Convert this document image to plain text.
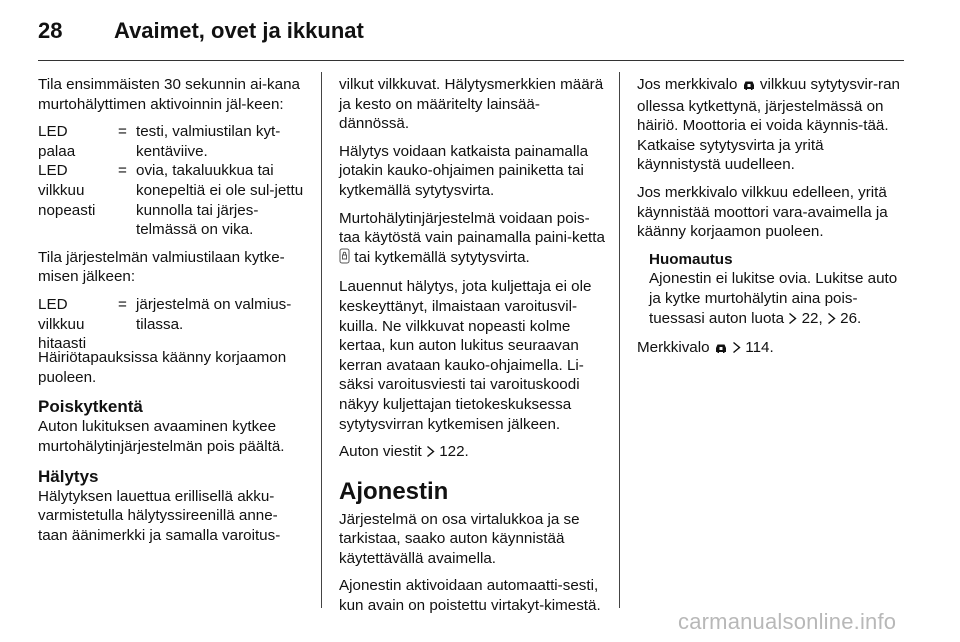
28 Avaimet, ovet ja ikkunat

Tila ensimmäisten 30 sekunnin ai-kana murtohälyttimen aktivoinnin jäl-keen:

LED palaa
= testi, valmiustilan kyt-kentäviive.
LED vilkkuu nopeasti
= ovia, takaluukkua tai konepeltiä ei ole sul-jettu kunnolla tai järjes-telmässä on vika.

Tila järjestelmän valmiustilaan kytke-misen jälkeen:

LED vilkkuu hitaasti
= järjestelmä on valmius-tilassa.

Häiriötapauksissa käänny korjaamon puoleen.

Poiskytkentä

Auton lukituksen avaaminen kytkee murtohälytinjärjestelmän pois päältä.

Hälytys

Hälytyksen lauettua erillisellä akku-varmistetulla hälytyssireenillä anne-taan äänimerkki ja samalla varoitus-

vilkut vilkkuvat. Hälytysmerkkien määrä ja kesto on määritelty lainsää-dännössä.

Hälytys voidaan katkaista painamalla jotakin kauko-ohjaimen painiketta tai kytkemällä sytytysvirta.

Murtohälytinjärjestelmä voidaan pois-taa käytöstä vain painamalla paini-ketta  tai kytkemällä sytytysvirta.

Lauennut hälytys, jota kuljettaja ei ole keskeyttänyt, ilmaistaan varoitusvil-kuilla. Ne vilkkuvat nopeasti kolme kertaa, kun auton lukitus seuraavan kerran avataan kauko-ohjaimella. Li-säksi varoitusviesti tai varoituskoodi näkyy kuljettajan tietokeskuksessa sytytysvirran kytkemisen jälkeen.

Auton viestit 122.

Ajonestin

Järjestelmä on osa virtalukkoa ja se tarkistaa, saako auton käynnistää käytettävällä avaimella.

Ajonestin aktivoidaan automaatti-sesti, kun avain on poistettu virtakyt-kimestä.

Jos merkkivalo vilkkuu sytytysvir-ran ollessa kytkettynä, järjestelmässä on häiriö. Moottoria ei voida käynnis-tää. Katkaise sytytysvirta ja yritä käynnistystä uudelleen.

Jos merkkivalo vilkkuu edelleen, yritä käynnistää moottori vara-avaimella ja käänny korjaamon puoleen.

Huomautus
Ajonestin ei lukitse ovia. Lukitse auto ja kytke murtohälytin aina pois-tuessasi auton luota 22, 26.

Merkkivalo 114.

carmanualsonline.info
